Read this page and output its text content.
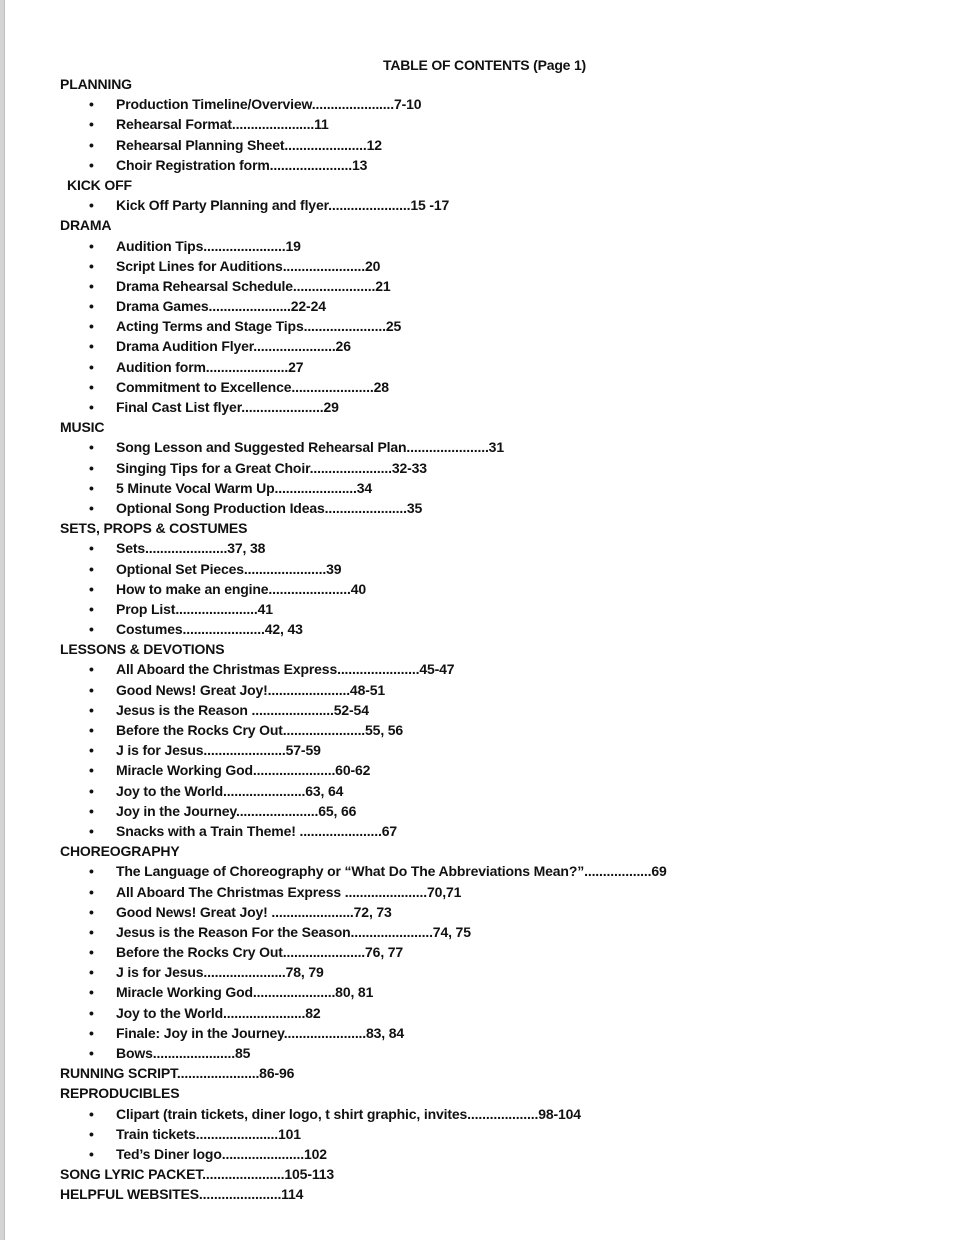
TABLE OF CONTENTS (Page 1)
PLANNING
• Production Timeline/Overview......................7-10
• Rehearsal Format......................11
• Rehearsal Planning Sheet......................12
• Choir Registration form......................13
KICK OFF
• Kick Off Party Planning and flyer......................15 -17
DRAMA
• Audition Tips......................19
• Script Lines for Auditions......................20
• Drama Rehearsal Schedule......................21
• Drama Games......................22-24
• Acting Terms and Stage Tips......................25
• Drama Audition Flyer......................26
• Audition form......................27
• Commitment to Excellence......................28
• Final Cast List flyer......................29
MUSIC
• Song Lesson and Suggested Rehearsal Plan......................31
• Singing Tips for a Great Choir......................32-33
• 5 Minute Vocal Warm Up......................34
• Optional Song Production Ideas......................35
SETS, PROPS & COSTUMES
• Sets......................37, 38
• Optional Set Pieces......................39
• How to make an engine......................40
• Prop List......................41
• Costumes......................42, 43
LESSONS & DEVOTIONS
• All Aboard the Christmas Express......................45-47
• Good News! Great Joy!......................48-51
• Jesus is the Reason ......................52-54
• Before the Rocks Cry Out......................55, 56
• J is for Jesus......................57-59
• Miracle Working God......................60-62
• Joy to the World......................63, 64
• Joy in the Journey......................65, 66
• Snacks with a Train Theme! ......................67
CHOREOGRAPHY
• The Language of Choreography or “What Do The Abbreviations Mean?”..................69
• All Aboard The Christmas Express ......................70,71
• Good News! Great Joy! ......................72, 73
• Jesus is the Reason For the Season......................74, 75
• Before the Rocks Cry Out......................76, 77
• J is for Jesus......................78, 79
• Miracle Working God......................80, 81
• Joy to the World......................82
• Finale: Joy in the Journey......................83, 84
• Bows......................85
RUNNING SCRIPT......................86-96
REPRODUCIBLES
• Clipart (train tickets, diner logo, t shirt graphic, invites...................98-104
• Train tickets......................101
• Ted’s Diner logo......................102
SONG LYRIC PACKET......................105-113
HELPFUL WEBSITES......................114
